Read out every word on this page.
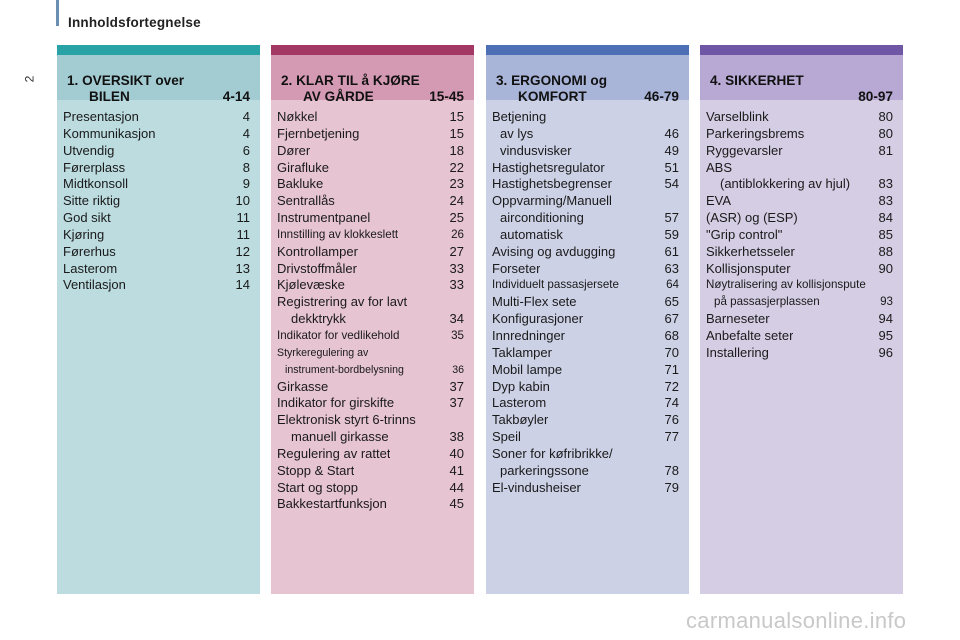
Innholdsfortegnelse
2 1. OVERSIKT over
BILEN	4-14
Presentasjon	4
Kommunikasjon	4
Utvendig	6
Førerplass	8
Midtkonsoll	9
Sitte riktig	10
God sikt	11
Kjøring	11
Førerhus	12
Lasterom	13
Ventilasjon	14
2. KLAR TIL å KJØRE
AV GÅRDE	15-45
Nøkkel	15
Fjernbetjening	15
Dører	18
Girafluke	22
Bakluke	23
Sentrallås	24
Instrumentpanel	25
Innstilling av klokkeslett	26
Kontrollamper	27
Drivstoffmåler	33
Kjølevæske	33
Registrering av for lavt
dekktrykk	34
Indikator for vedlikehold	35
Styrkeregulering av
instrument-bordbelysning	36
Girkasse	37
Indikator for girskifte	37
Elektronisk styrt 6-trinns
manuell girkasse	38
Regulering av rattet	40
Stopp & Start	41
Start og stopp	44
Bakkestartfunksjon	45
3. ERGONOMI og
KOMFORT	46-79
Betjening
av lys	46
vindusvisker	49
Hastighetsregulator	51
Hastighetsbegrenser	54
Oppvarming/Manuell
airconditioning	57
automatisk	59
Avising og avdugging	61
Forseter	63
Individuelt passasjersete	64
Multi-Flex sete	65
Konfigurasjoner	67
Innredninger	68
Taklamper	70
Mobil lampe	71
Dyp kabin	72
Lasterom	74
Takbøyler	76
Speil	77
Soner for køfribrikke/
parkeringssone	78
El-vindusheiser	79
4. SIKKERHET
80-97
Varselblink	80
Parkeringsbrems	80
Ryggevarsler	81
ABS
(antiblokkering av hjul)	83
EVA	83
(ASR) og (ESP)	84
"Grip control"	85
Sikkerhetsseler	88
Kollisjonsputer	90
Nøytralisering av kollisjonspute
på passasjerplassen	93
Barneseter	94
Anbefalte seter	95
Installering	96
carmanualsonline.info
